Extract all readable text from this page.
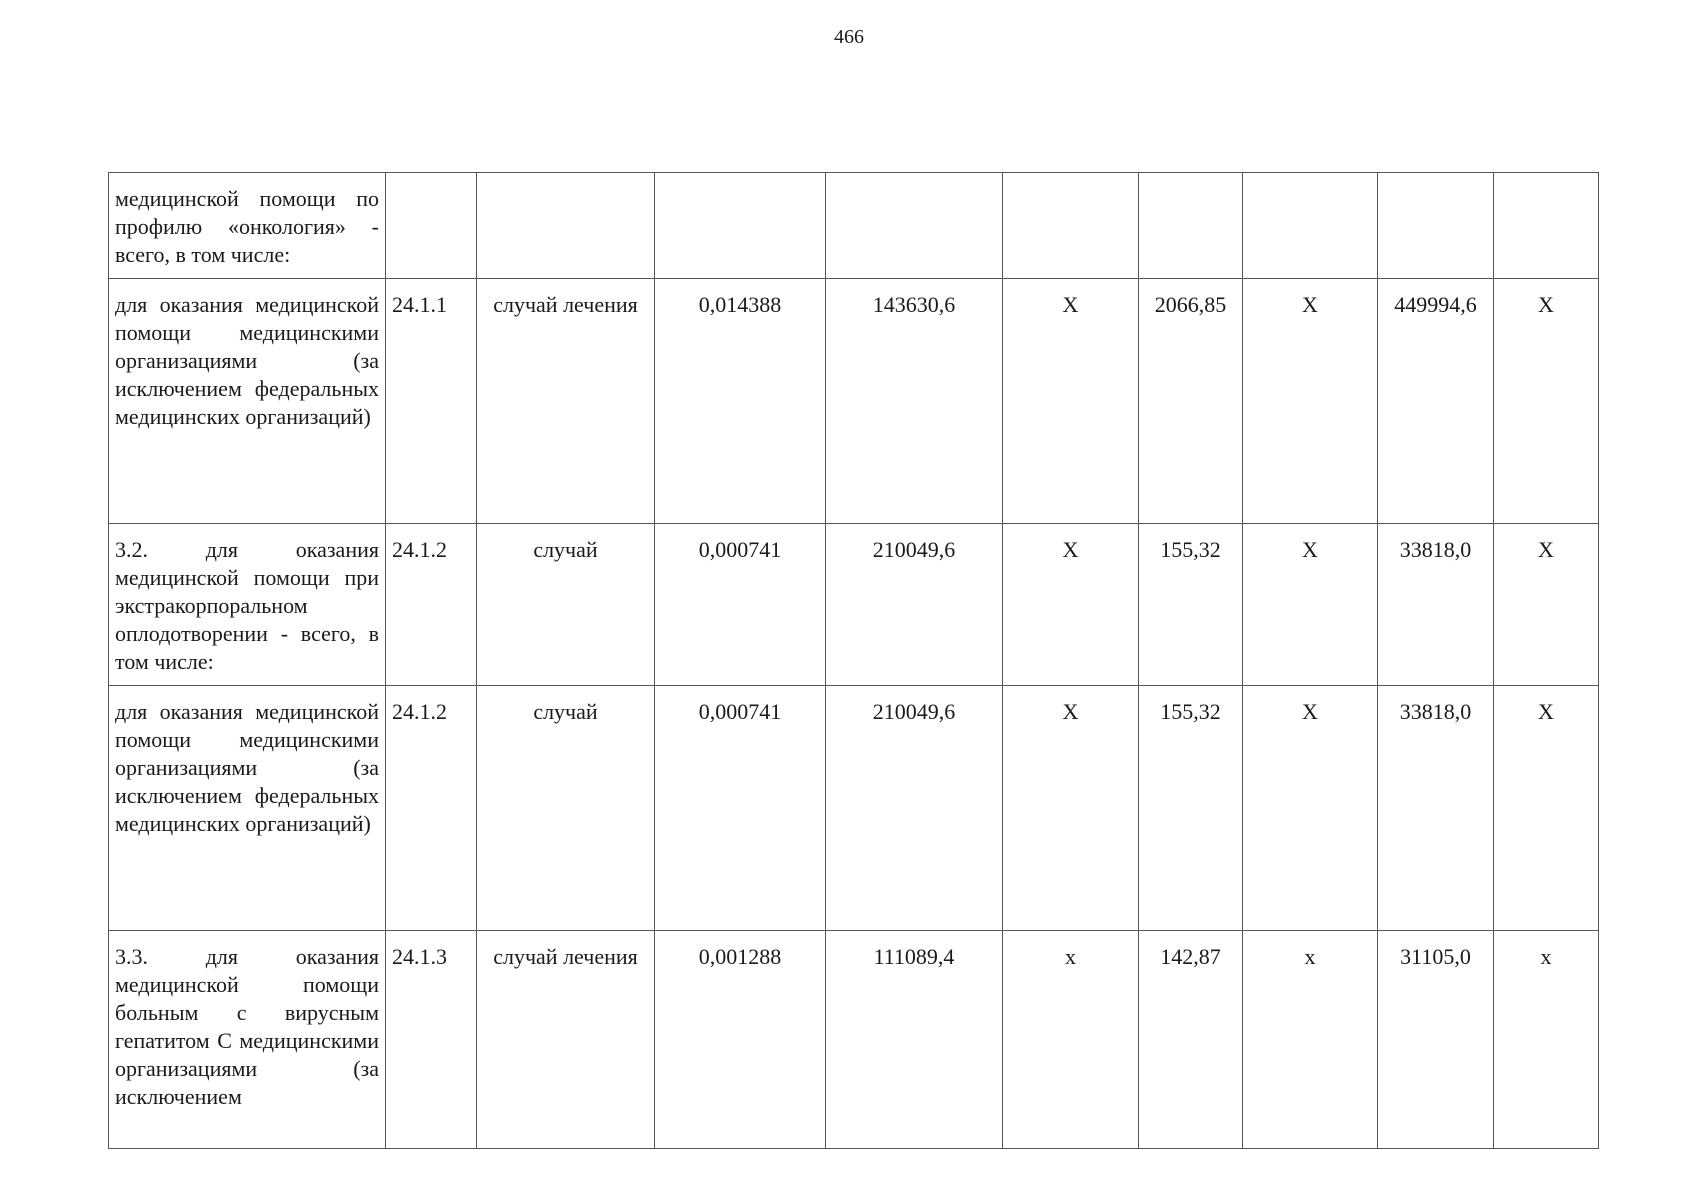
466
медицинской помощи по профилю «онкология» - всего, в том числе:									
для оказания медицинской помощи медицинскими организациями (за исключением федеральных медицинских организаций)	24.1.1	случай лечения	0,014388	143630,6	X	2066,85	X	449994,6	X
3.2. для оказания медицинской помощи при экстракорпоральном оплодотворении - всего, в том числе:	24.1.2	случай	0,000741	210049,6	X	155,32	X	33818,0	X
для оказания медицинской помощи медицинскими организациями (за исключением федеральных медицинских организаций)	24.1.2	случай	0,000741	210049,6	X	155,32	X	33818,0	X
3.3. для оказания медицинской помощи больным с вирусным гепатитом С медицинскими организациями (за исключением	24.1.3	случай лечения	0,001288	111089,4	х	142,87	х	31105,0	х
